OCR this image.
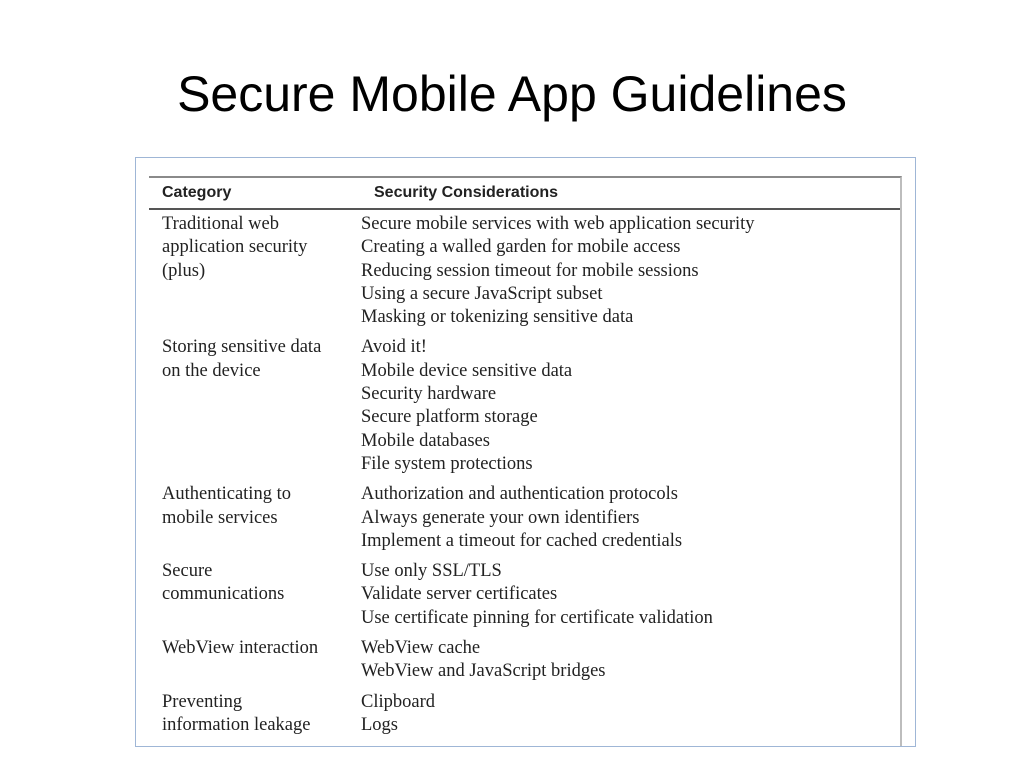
Secure Mobile App Guidelines
Category	Security Considerations
Traditional web
application security
(plus)
Secure mobile services with web application security
Creating a walled garden for mobile access
Reducing session timeout for mobile sessions
Using a secure JavaScript subset
Masking or tokenizing sensitive data
Storing sensitive data
on the device
Avoid it!
Mobile device sensitive data
Security hardware
Secure platform storage
Mobile databases
File system protections
Authenticating to
mobile services
Authorization and authentication protocols
Always generate your own identifiers
Implement a timeout for cached credentials
Secure
communications
Use only SSL/TLS
Validate server certificates
Use certificate pinning for certificate validation
WebView interaction	WebView cache
WebView and JavaScript bridges
Preventing
information leakage
Clipboard
Logs
